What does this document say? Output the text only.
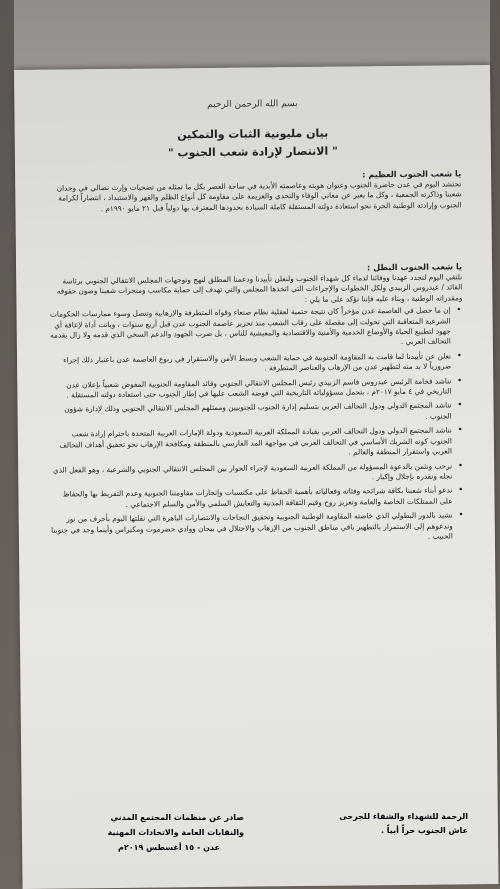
بسم الله الرحمن الرحيم
بيان مليونية الثبات والتمكين
" الانتصار لإرادة شعب الجنوب "
يا شعب الجنوب العظيم :
تحتشد اليوم في عدن حاضرة الجنوب وعنوان هويته وعاصمته الأبدية في ساحة العصر بكل ما تمثله من تضحيات وإرث نضالي في وجدان شعبنا وذاكرته الجمعية ، وكل ما يعبر عن معاني الوفاء والتحدي والعزيمة على مقاومة كل أنواع الظلم والقهر والاستبداد ، انتصاراً لكرامة الجنوب وإرادته الوطنية الحرة نحو استعادة دولته المستقلة كاملة السيادة بحدودها المعترف بها دولياً قبل ٢١ مايو ١٩٩٠م .
يا شعب الجنوب البطل :
نلتقي اليوم لنجدد عهدنا ووفائنا لدماء كل شهداء الجنوب ولنعلن تأييدنا ودعمنا المطلق لنهج وتوجهات المجلس الانتقالي الجنوبي برئاسة القائد / عيدروس الزبيدي ولكل الخطوات والإجراءات التي اتخذها المجلس والتي تهدف إلى حماية مكاسب ومنجزات شعبنا وصون حقوقه ومقدراته الوطنية ، وبناء عليه فإننا نؤكد على ما يلي :
• إن ما حصل في العاصمة عدن مؤخراً كان نتيجة حتمية لعقلية نظام صنعاء وقواه المتطرفة والإرهابية وتنصل وسوء ممارسات الحكومات الشرعية المتعاقبة التي تحولت إلى مقصلة على رقاب الشعب منذ تحرير عاصمة الجنوب عدن قبل أربع سنوات ، وباتت أداة لإعاقة أي جهود لتطبيع الحياة والأوضاع الخدمية والأمنية والاقتصادية والمعيشية للناس ، بل ضرب الجهود والدعم السخي الذي قدمه ولا زال يقدمه التحالف العربي .
• نعلن عن تأييدنا لما قامت به المقاومة الجنوبية في حماية الشعب وبسط الأمن والاستقرار في ربوع العاصمة عدن باعتبار ذلك إجراء ضرورياً لا بد منه لتطهير عدن من الإرهاب والعناصر المتطرفة .
• نناشد فخامة الرئيس عيدروس قاسم الزبيدي رئيس المجلس الانتقالي الجنوبي وقائد المقاومة الجنوبية المفوض شعبياً بإعلان عدن التاريخي في ٤ مايو ٢٠١٧م ، بتحمل مسؤولياته التاريخية التي فوضه الشعب عليها في إطار الجنوب حتى استعادة دولته المستقلة .
• نناشد المجتمع الدولي ودول التحالف العربي بتسليم إدارة الجنوب للجنوبيين وممثلهم المجلس الانتقالي الجنوبي وذلك لإدارة شؤون الجنوب .
• نناشد المجتمع الدولي ودول التحالف العربي بقيادة المملكة العربية السعودية ودولة الإمارات العربية المتحدة باحترام إرادة شعب الجنوب كونه الشريك الأساسي في التحالف العربي في مواجهة المد الفارسي بالمنطقة ومكافحة الإرهاب نحو تحقيق أهداف التحالف العربي واستقرار المنطقة والعالم .
• نرحب ونثمن بالدعوة المسؤولة من المملكة العربية السعودية لإجراء الحوار بين المجلس الانتقالي الجنوبي والشرعية ، وهو الفعل الذي نجله ونقدره بإجلال وإكبار .
• ندعو أبناء شعبنا بكافة شرائحه وفئاته وفعالياته بأهمية الحفاظ على مكتسبات وإنجازات مقاومتنا الجنوبية وعدم التفريط بها والحفاظ على الممتلكات الخاصة والعامة وتعزيز روح وقيم الثقافة المدنية والتعايش السلمي والأمن والسلم الاجتماعي .
• نشيد بالدور البطولي الذي خاضته المقاومة الوطنية الجنوبية وتحقيق النجاحات والانتصارات الباهرة التي نقلتها اليوم بأحرف من نور وندعوهم إلى الاستمرار بالتطهير باقي مناطق الجنوب من الإرهاب والاحتلال في بيحان ووادي حضرموت ومكيراس وأينما وجد في جنوبنا الحبيب .
الرحمة للشهداء والشفاء للجرحى
عاش الجنوب حراً أبياً .
صادر عن منظمات المجتمع المدني
والنقابات العامة والاتحادات المهنية
عدن - ١٥ أغسطس ٢٠١٩م
